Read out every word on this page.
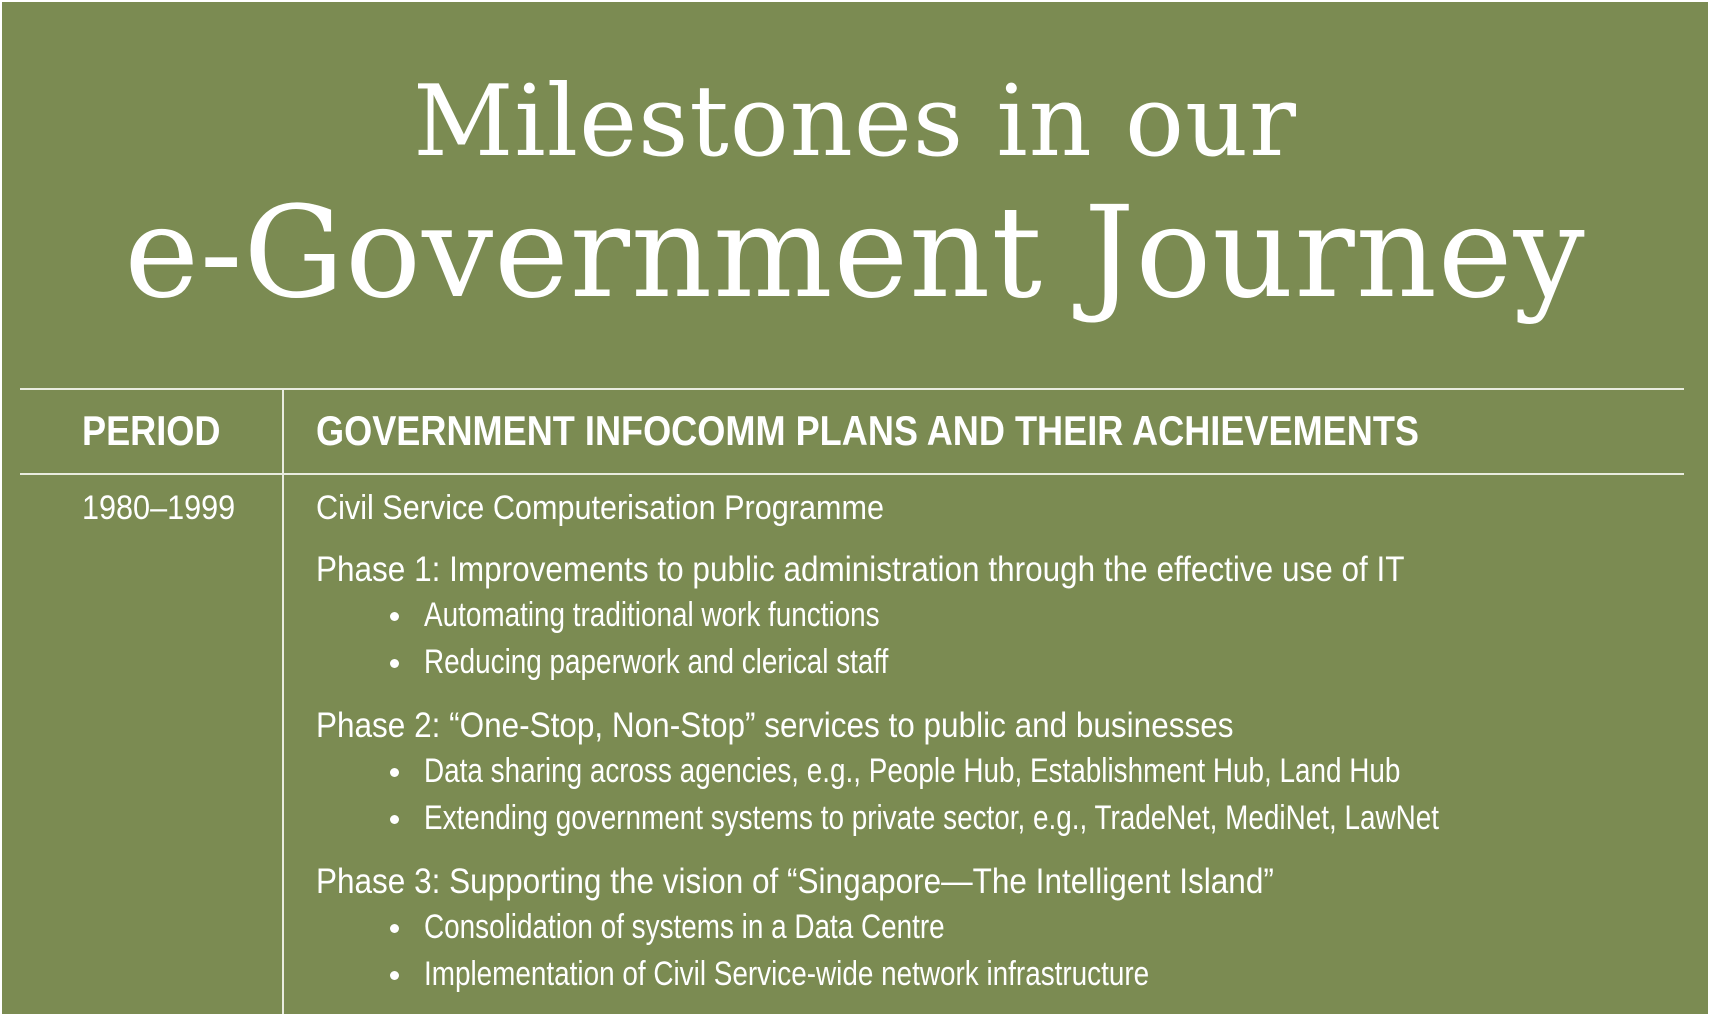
Milestones in our
e-Government Journey
PERIOD GOVERNMENT INFOCOMM PLANS AND THEIR ACHIEVEMENTS
1980–1999 Civil Service Computerisation Programme
Phase 1: Improvements to public administration through the effective use of IT
Automating traditional work functions
Reducing paperwork and clerical staff
Phase 2: “One-Stop, Non-Stop” services to public and businesses
Data sharing across agencies, e.g., People Hub, Establishment Hub, Land Hub
Extending government systems to private sector, e.g., TradeNet, MediNet, LawNet
Phase 3: Supporting the vision of “Singapore—The Intelligent Island”
Consolidation of systems in a Data Centre
Implementation of Civil Service-wide network infrastructure
